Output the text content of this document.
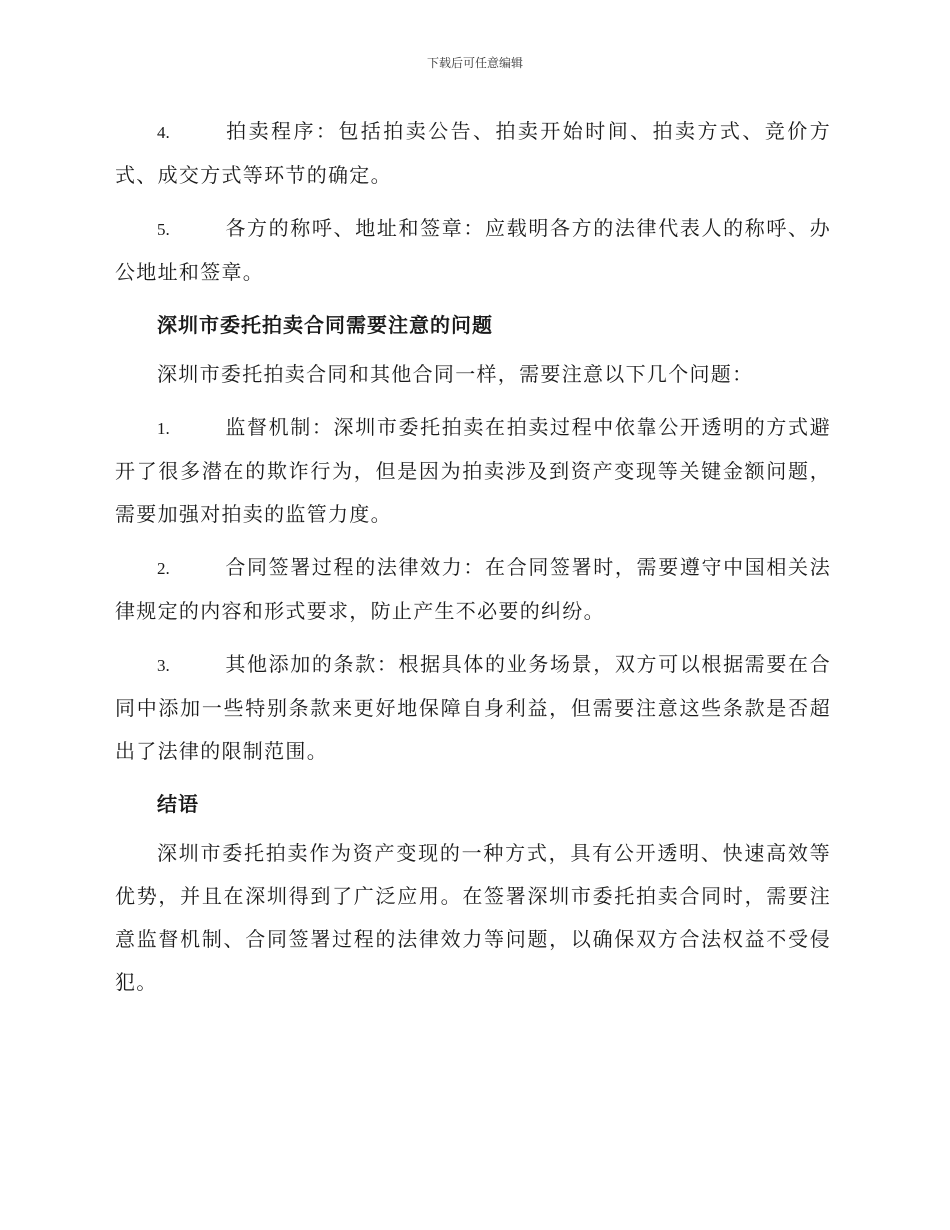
下载后可任意编辑

4.	拍卖程序：包括拍卖公告、拍卖开始时间、拍卖方式、竞价方式、成交方式等环节的确定。

5.	各方的称呼、地址和签章：应载明各方的法律代表人的称呼、办公地址和签章。

深圳市委托拍卖合同需要注意的问题

深圳市委托拍卖合同和其他合同一样，需要注意以下几个问题：

1.	监督机制：深圳市委托拍卖在拍卖过程中依靠公开透明的方式避开了很多潜在的欺诈行为，但是因为拍卖涉及到资产变现等关键金额问题，需要加强对拍卖的监管力度。

2.	合同签署过程的法律效力：在合同签署时，需要遵守中国相关法律规定的内容和形式要求，防止产生不必要的纠纷。

3.	其他添加的条款：根据具体的业务场景，双方可以根据需要在合同中添加一些特别条款来更好地保障自身利益，但需要注意这些条款是否超出了法律的限制范围。

结语

深圳市委托拍卖作为资产变现的一种方式，具有公开透明、快速高效等优势，并且在深圳得到了广泛应用。在签署深圳市委托拍卖合同时，需要注意监督机制、合同签署过程的法律效力等问题，以确保双方合法权益不受侵犯。
